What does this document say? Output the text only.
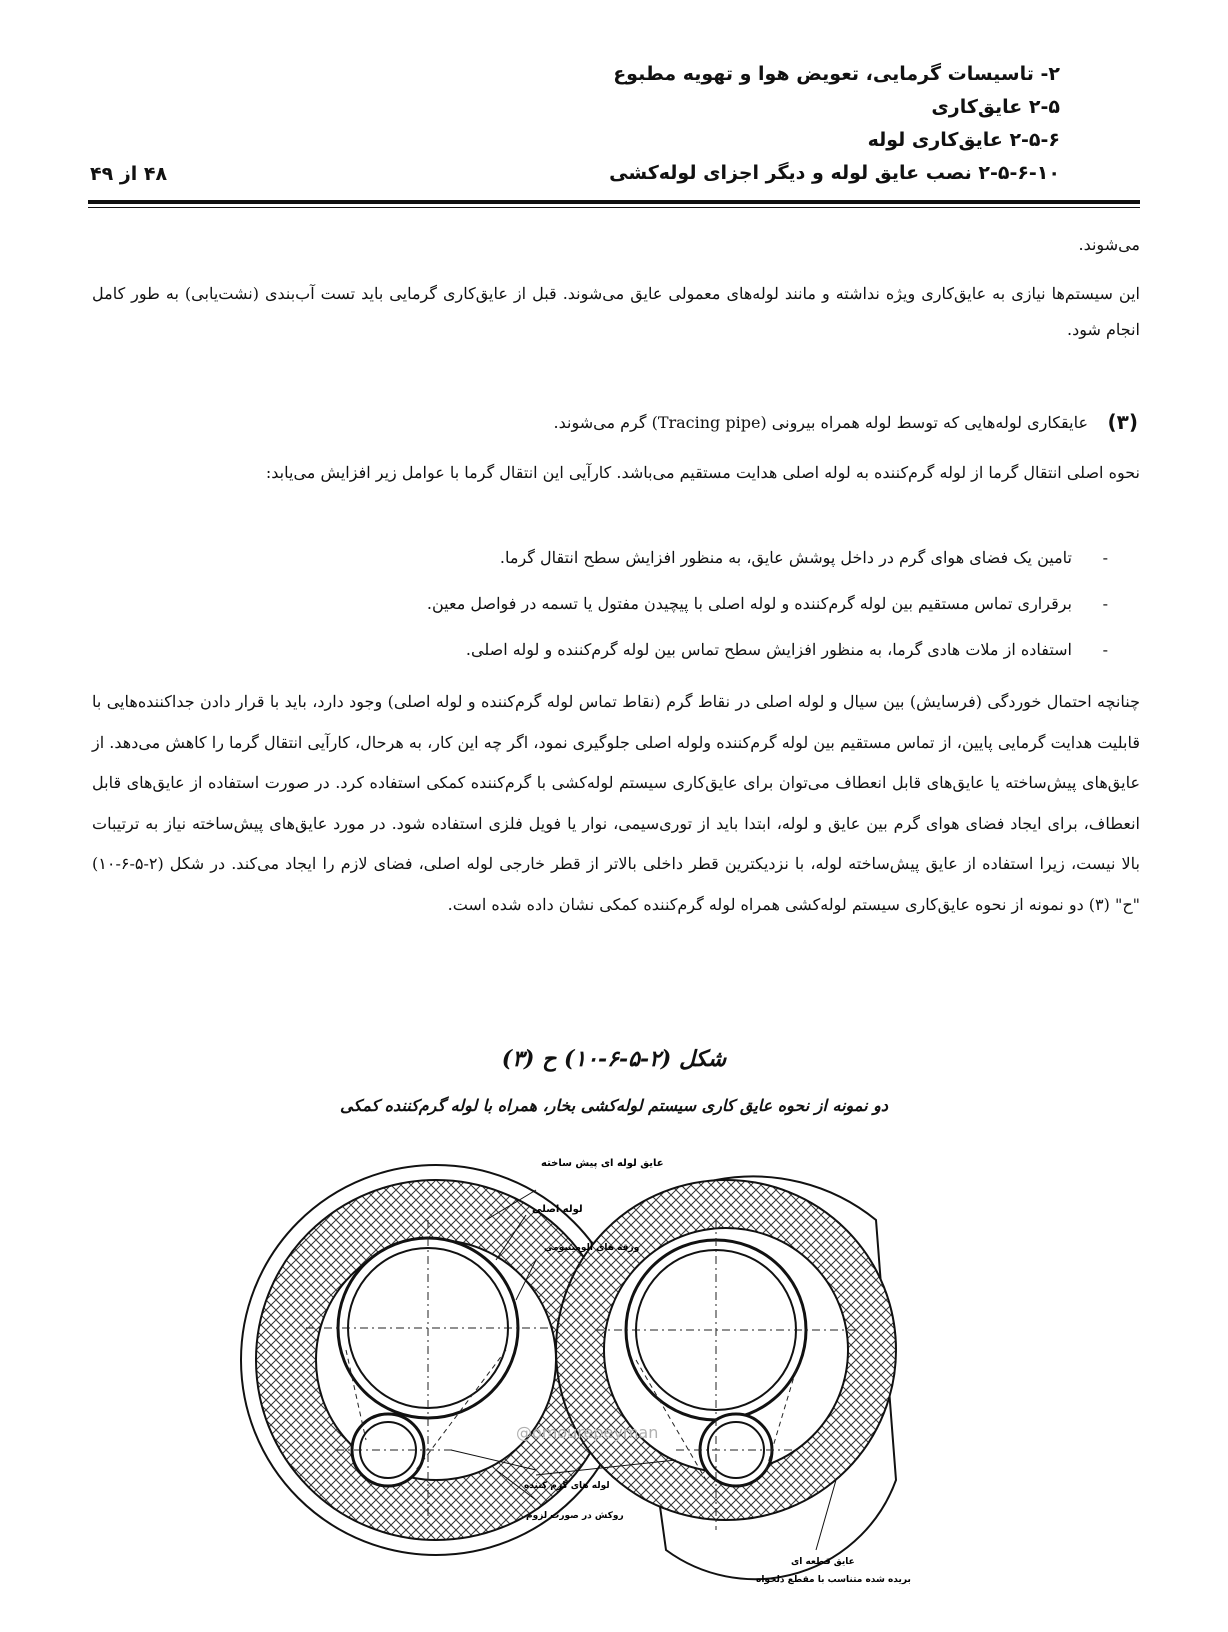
۲- تاسیسات گرمایی، تعویض هوا و تهویه مطبوع
۲-۵ عایق‌کاری
۲-۵-۶ عایق‌کاری لوله
۲-۵-۶-۱۰ نصب عایق لوله و دیگر اجزای لوله‌کشی
۴۸ از ۴۹
می‌شوند.
این سیستم‌ها نیازی به عایق‌کاری ویژه نداشته و مانند لوله‌های معمولی عایق می‌شوند. قبل از عایق‌کاری گرمایی باید تست آب‌بندی (نشت‌یابی) به طور کامل انجام شود.
(۳)
عایقکاری لوله‌هایی که توسط لوله همراه بیرونی (Tracing pipe) گرم می‌شوند.
نحوه اصلی انتقال گرما از لوله گرم‌کننده به لوله اصلی هدایت مستقیم می‌باشد. کارآیی این انتقال گرما با عوامل زیر افزایش می‌یابد:
-
تامین یک فضای هوای گرم در داخل پوشش عایق، به منظور افزایش سطح انتقال گرما.
-
برقراری تماس مستقیم بین لوله گرم‌کننده و لوله اصلی با پیچیدن مفتول یا تسمه در فواصل معین.
-
استفاده از ملات هادی گرما، به منظور افزایش سطح تماس بین لوله گرم‌کننده و لوله اصلی.
چنانچه احتمال خوردگی (فرسایش) بین سیال و لوله اصلی در نقاط گرم (نقاط تماس لوله گرم‌کننده و لوله اصلی) وجود دارد، باید با قرار دادن جداکننده‌هایی با قابلیت هدایت گرمایی پایین، از تماس مستقیم بین لوله گرم‌کننده ولوله اصلی جلوگیری نمود، اگر چه این کار، به هرحال، کارآیی انتقال گرما را کاهش می‌دهد. از عایق‌های پیش‌ساخته یا عایق‌های قابل انعطاف می‌توان برای عایق‌کاری سیستم لوله‌کشی با گرم‌کننده کمکی استفاده کرد. در صورت استفاده از عایق‌های قابل انعطاف، برای ایجاد فضای هوای گرم بین عایق و لوله، ابتدا باید از توری‌سیمی، نوار یا فویل فلزی استفاده شود. در مورد عایق‌های پیش‌ساخته نیاز به ترتیبات بالا نیست، زیرا استفاده از عایق پیش‌ساخته لوله، با نزدیکترین قطر داخلی بالاتر از قطر خارجی لوله اصلی، فضای لازم را ایجاد می‌کند. در شکل (۲-۵-۶-۱۰) "ح" (۳) دو نمونه از نحوه عایق‌کاری سیستم لوله‌کشی همراه لوله گرم‌کننده کمکی نشان داده شده است.
شکل (۲-۵-۶-۱۰) ح (۳)
دو نمونه از نحوه عایق کاری سیستم لوله‌کشی بخار، همراه با لوله گرم‌کننده کمکی
عایق لوله ای پیش ساخته
لوله اصلی
ورقه های آلومینیومی
لوله های گرم کننده
روکش در صورت لزوم
عایق قطعه ای
بریده شده متناسب با مقطع دلخواه
@omourepeyman
